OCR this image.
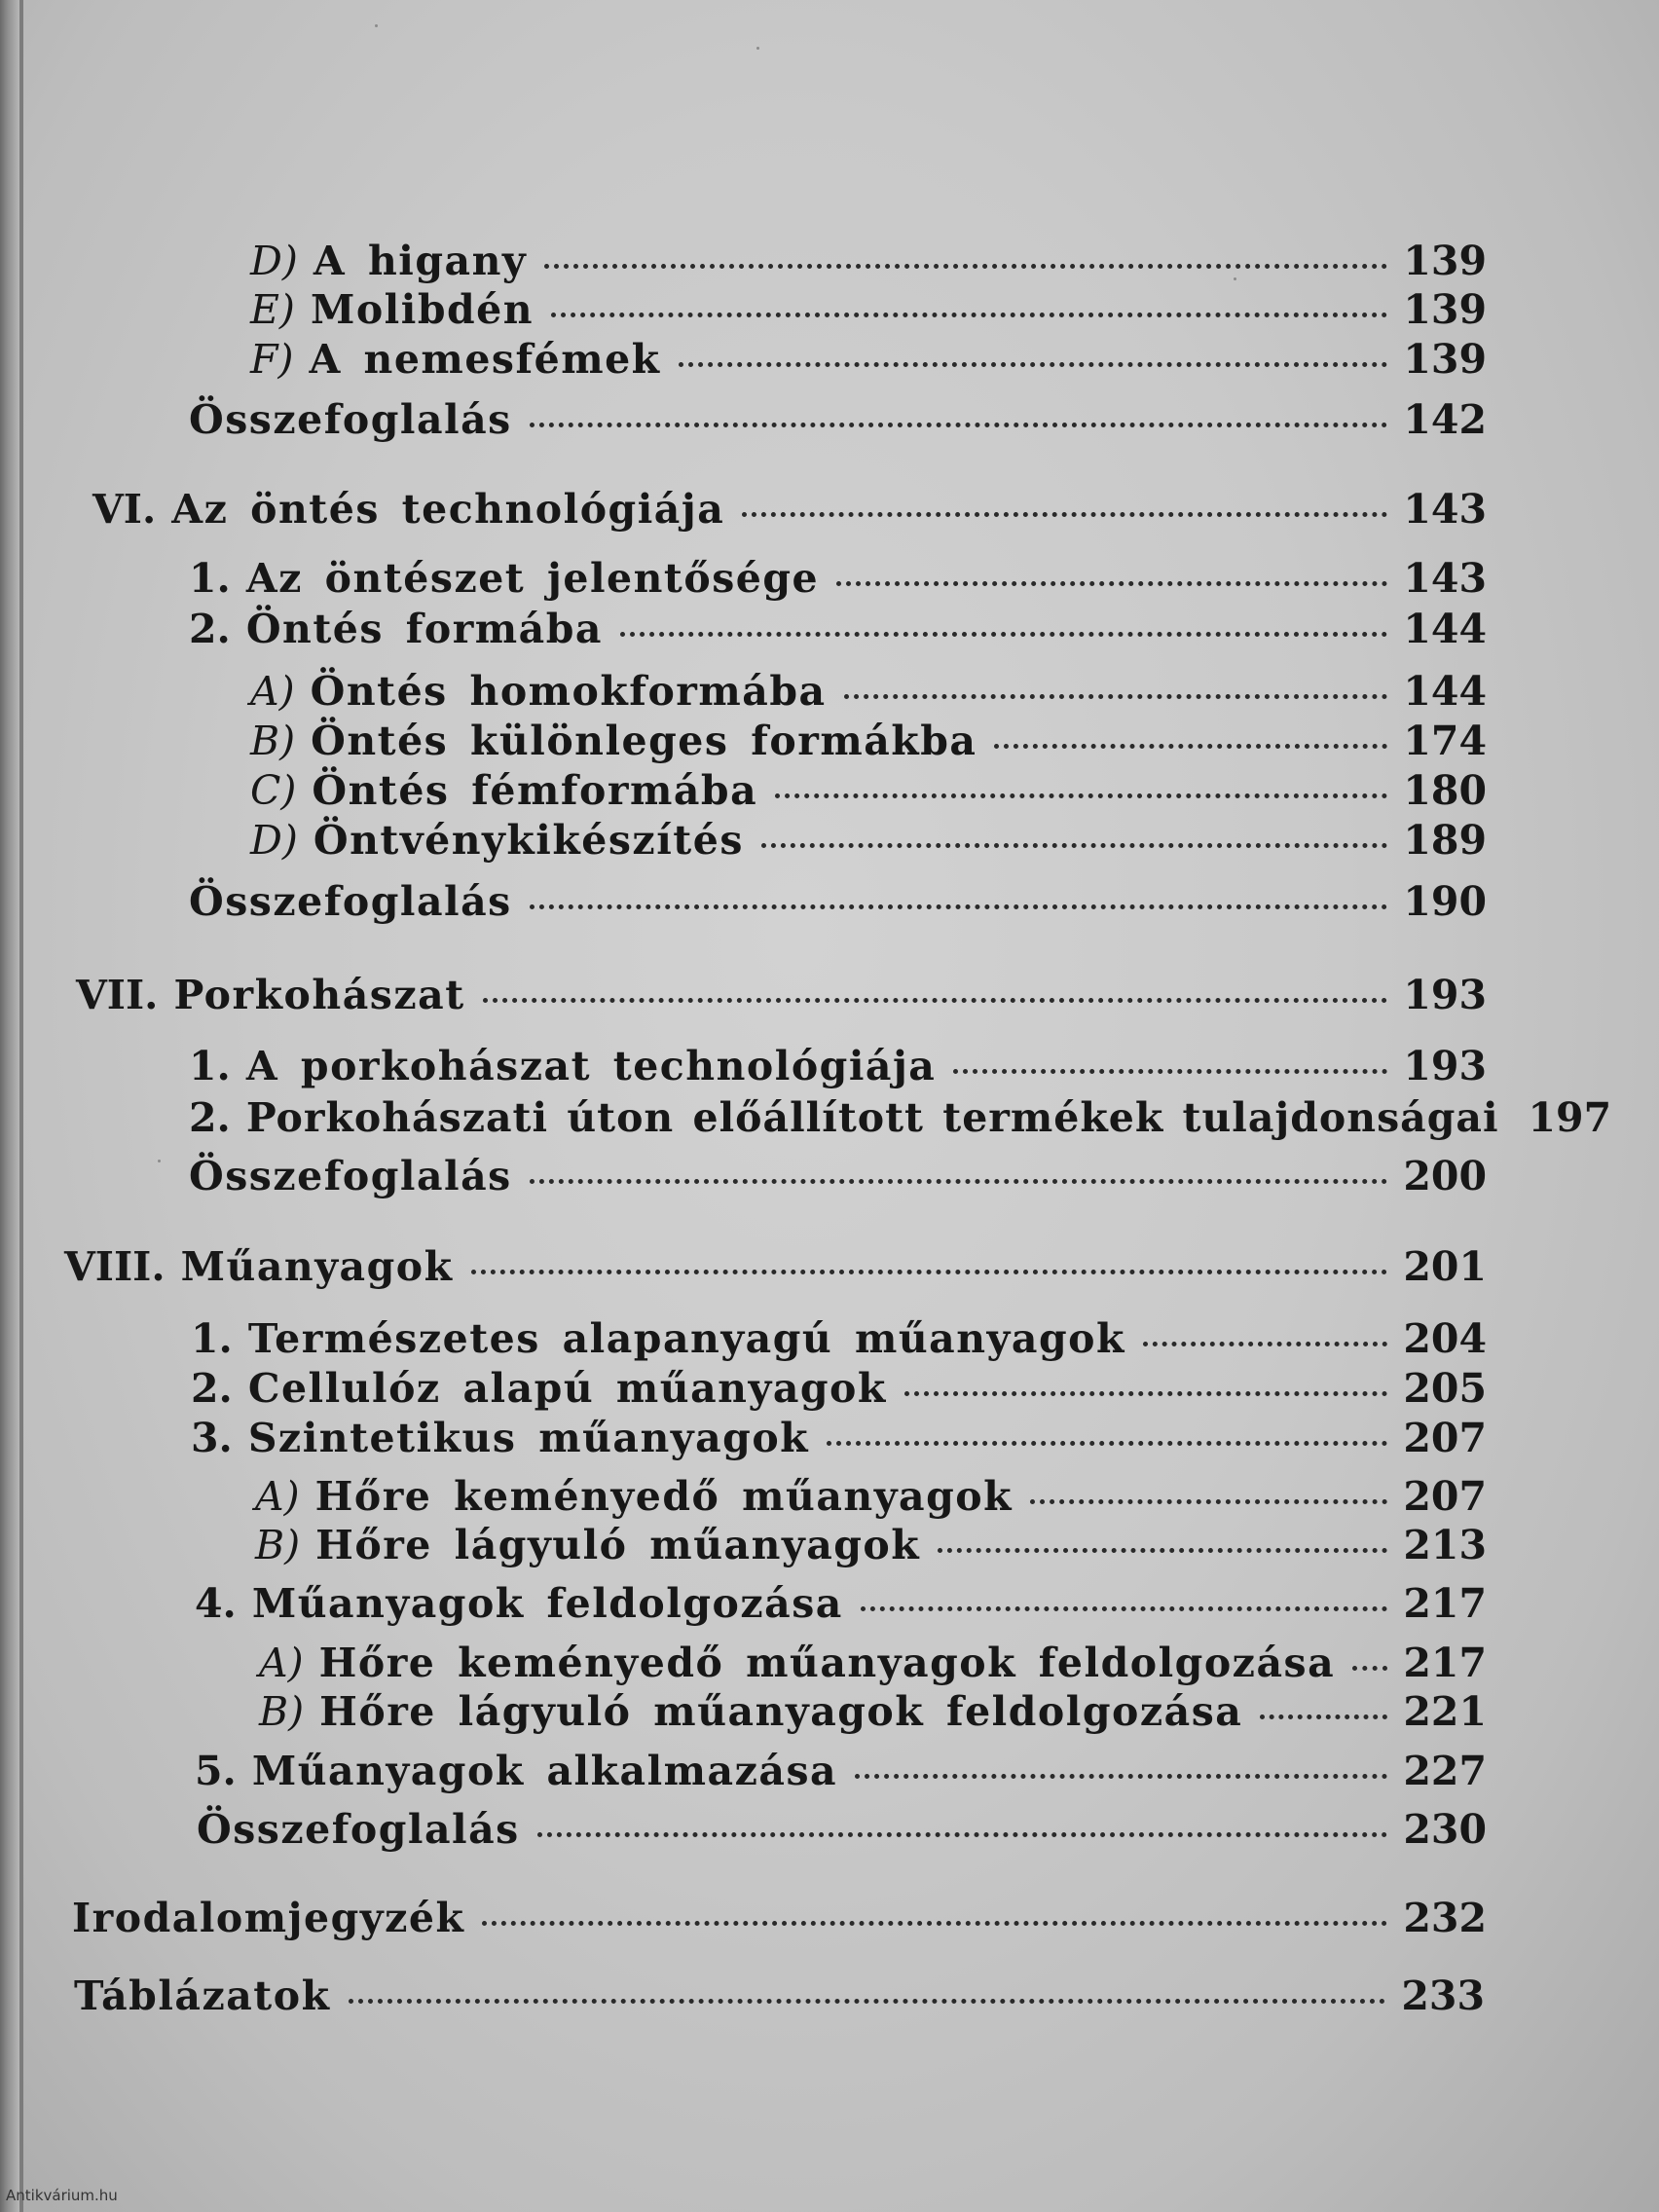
D) A higany	139
E) Molibdén	139
F) A nemesfémek	139
Összefoglalás	142
VI. Az öntés technológiája	143
1. Az öntészet jelentősége	143
2. Öntés formába	144
A) Öntés homokformába	144
B) Öntés különleges formákba	174
C) Öntés fémformába	180
D) Öntvénykikészítés	189
Összefoglalás	190
VII. Porkohászat	193
1. A porkohászat technológiája	193
2. Porkohászati úton előállított termékek tulajdonságai 197
Összefoglalás	200
VIII. Műanyagok	201
1. Természetes alapanyagú műanyagok	204
2. Cellulóz alapú műanyagok	205
3. Szintetikus műanyagok	207
A) Hőre keményedő műanyagok	207
B) Hőre lágyuló műanyagok	213
4. Műanyagok feldolgozása	217
A) Hőre keményedő műanyagok feldolgozása 217
B) Hőre lágyuló műanyagok feldolgozása	221
5. Műanyagok alkalmazása	227
Összefoglalás	230
Irodalomjegyzék	232
Táblázatok	233
Antikvárium.hu
